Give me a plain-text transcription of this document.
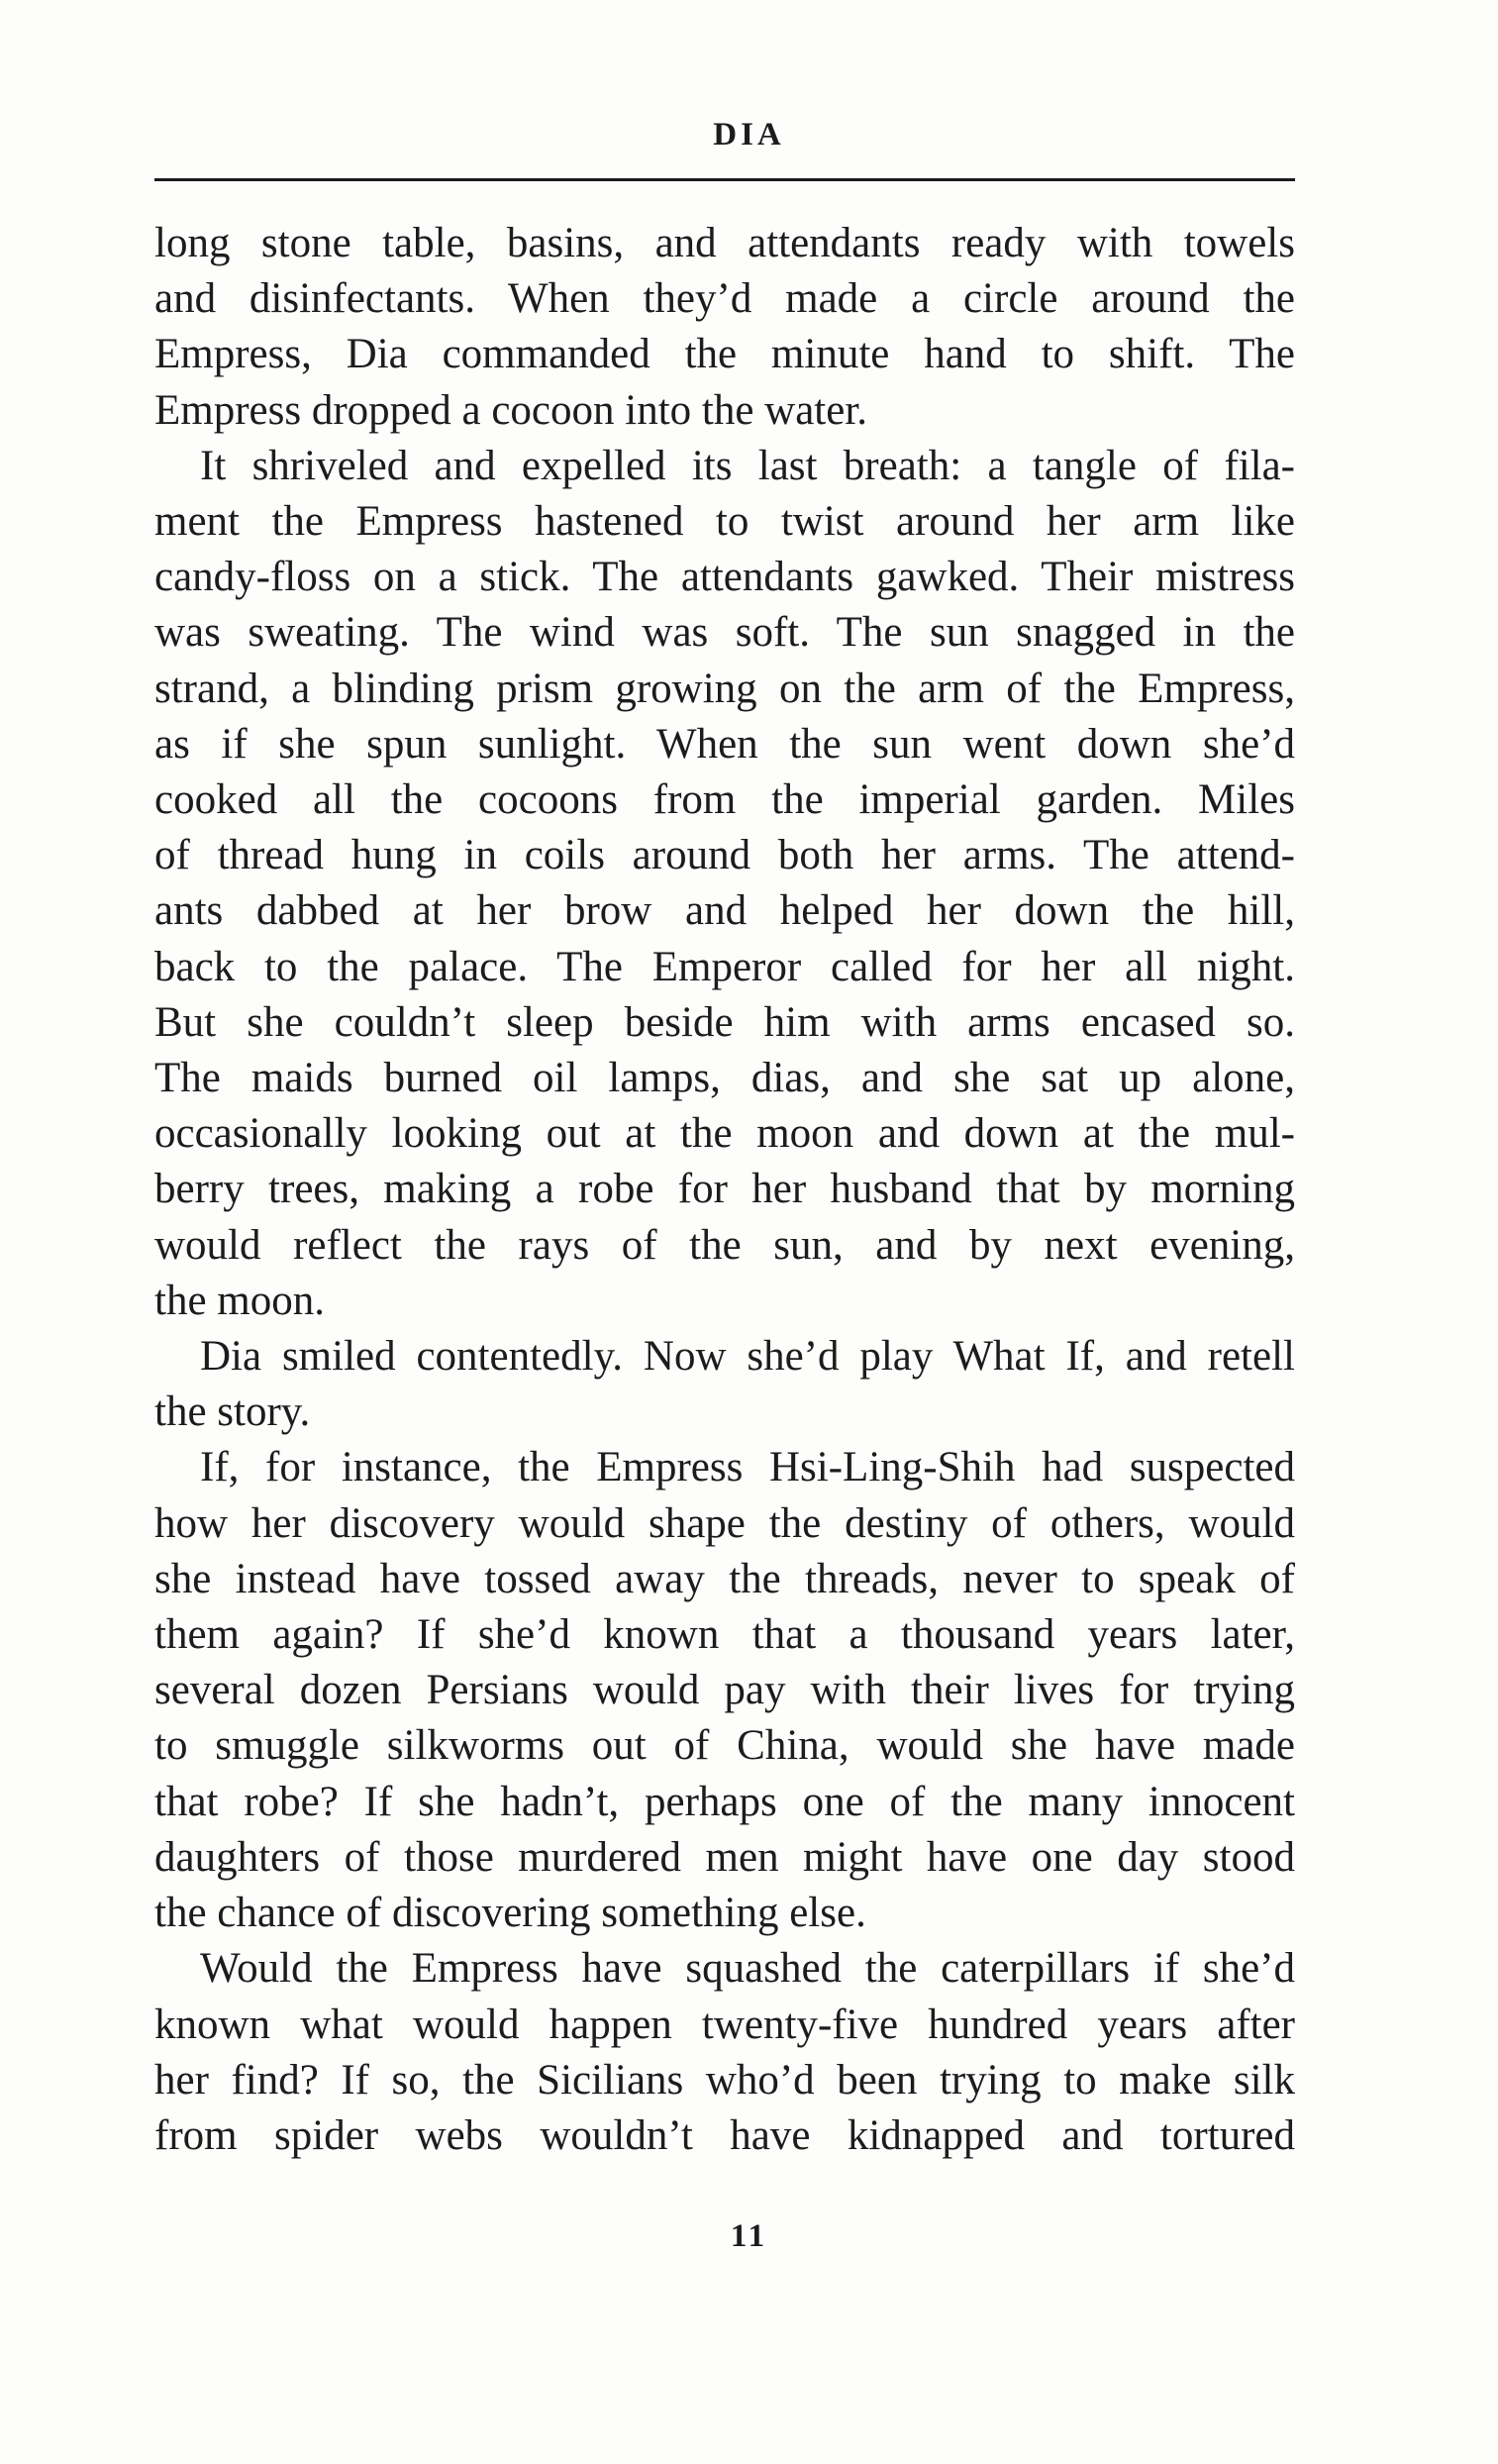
DIA
long stone table, basins, and attendants ready with towels
and disinfectants. When they’d made a circle around the
Empress, Dia commanded the minute hand to shift. The
Empress dropped a cocoon into the water.
It shriveled and expelled its last breath: a tangle of fila-
ment the Empress hastened to twist around her arm like
candy-floss on a stick. The attendants gawked. Their mistress
was sweating. The wind was soft. The sun snagged in the
strand, a blinding prism growing on the arm of the Empress,
as if she spun sunlight. When the sun went down she’d
cooked all the cocoons from the imperial garden. Miles
of thread hung in coils around both her arms. The attend-
ants dabbed at her brow and helped her down the hill,
back to the palace. The Emperor called for her all night.
But she couldn’t sleep beside him with arms encased so.
The maids burned oil lamps, dias, and she sat up alone,
occasionally looking out at the moon and down at the mul-
berry trees, making a robe for her husband that by morning
would reflect the rays of the sun, and by next evening,
the moon.
Dia smiled contentedly. Now she’d play What If, and retell
the story.
If, for instance, the Empress Hsi-Ling-Shih had suspected
how her discovery would shape the destiny of others, would
she instead have tossed away the threads, never to speak of
them again? If she’d known that a thousand years later,
several dozen Persians would pay with their lives for trying
to smuggle silkworms out of China, would she have made
that robe? If she hadn’t, perhaps one of the many innocent
daughters of those murdered men might have one day stood
the chance of discovering something else.
Would the Empress have squashed the caterpillars if she’d
known what would happen twenty-five hundred years after
her find? If so, the Sicilians who’d been trying to make silk
from spider webs wouldn’t have kidnapped and tortured
11
